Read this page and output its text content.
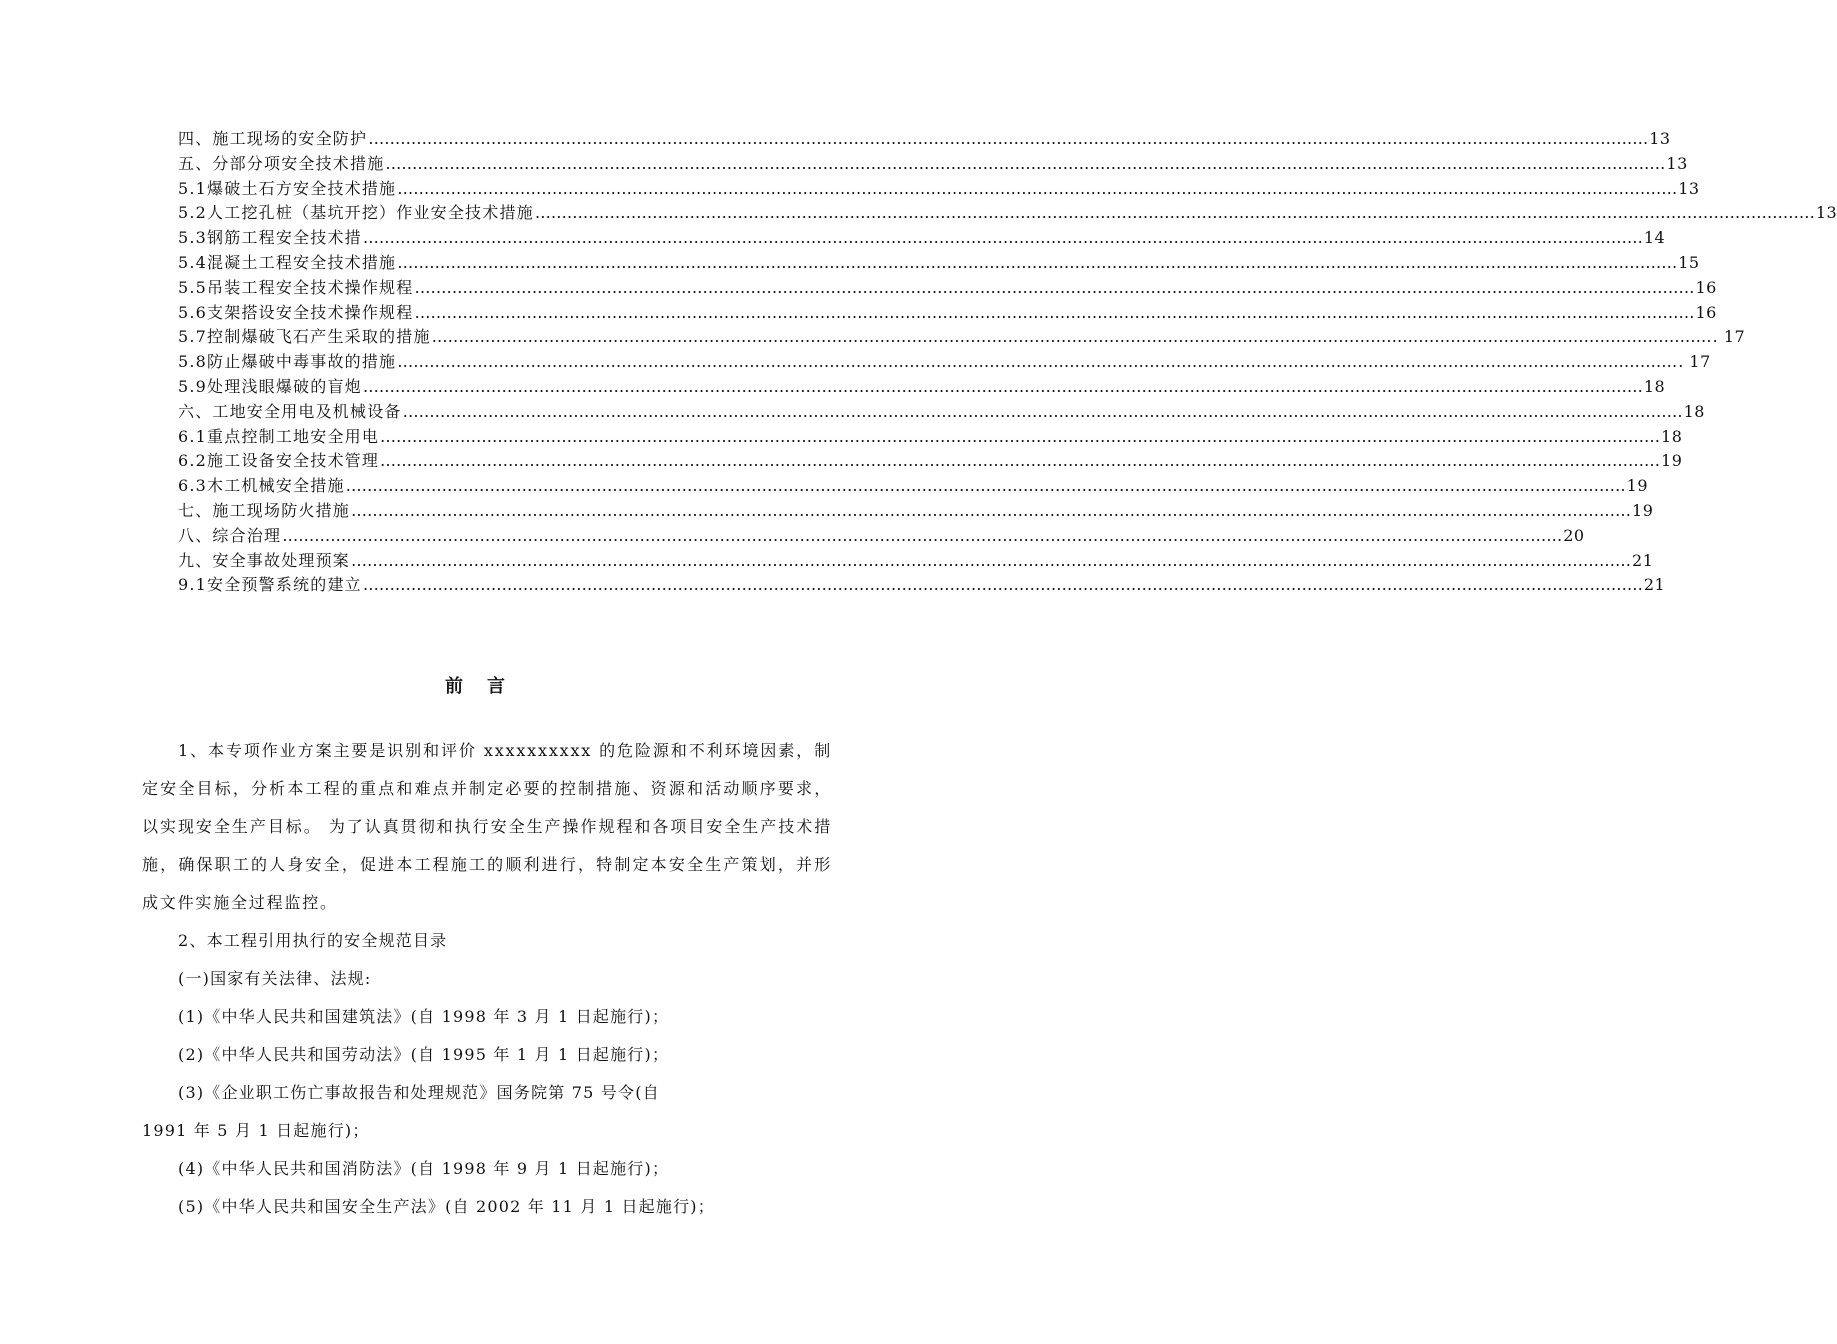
四、施工现场的安全防护 …………………………………………………………………………………………………………………………………………………………………………………………………………………… 13
五、分部分项安全技术措施 …………………………………………………………………………………………………………………………………………………………………………………………………………………… 13
5.1爆破土石方安全技术措施 …………………………………………………………………………………………………………………………………………………………………………………………………………………… 13
5.2人工挖孔桩（基坑开挖）作业安全技术措施 …………………………………………………………………………………………………………………………………………………………………………………………………………………… 13
5.3钢筋工程安全技术措 …………………………………………………………………………………………………………………………………………………………………………………………………………………… 14
5.4混凝土工程安全技术措施 …………………………………………………………………………………………………………………………………………………………………………………………………………………… 15
5.5吊装工程安全技术操作规程 …………………………………………………………………………………………………………………………………………………………………………………………………………………… 16
5.6支架搭设安全技术操作规程 …………………………………………………………………………………………………………………………………………………………………………………………………………………… 16
5.7控制爆破飞石产生采取的措施 …………………………………………………………………………………………………………………………………………………………………………………………………………………… . 17
5.8防止爆破中毒事故的措施 …………………………………………………………………………………………………………………………………………………………………………………………………………………… . 17
5.9处理浅眼爆破的盲炮 …………………………………………………………………………………………………………………………………………………………………………………………………………………… 18
六、工地安全用电及机械设备 …………………………………………………………………………………………………………………………………………………………………………………………………………………… 18
6.1重点控制工地安全用电 …………………………………………………………………………………………………………………………………………………………………………………………………………………… 18
6.2施工设备安全技术管理 …………………………………………………………………………………………………………………………………………………………………………………………………………………… 19
6.3木工机械安全措施 …………………………………………………………………………………………………………………………………………………………………………………………………………………… 19
七、施工现场防火措施 …………………………………………………………………………………………………………………………………………………………………………………………………………………… 19
八、综合治理 …………………………………………………………………………………………………………………………………………………………………………………………………………………… 20
九、安全事故处理预案 …………………………………………………………………………………………………………………………………………………………………………………………………………………… 21
9.1安全预警系统的建立 …………………………………………………………………………………………………………………………………………………………………………………………………………………… 21
前言

1、本专项作业方案主要是识别和评价 xxxxxxxxxx 的危险源和不利环境因素，制定安全目标，分析本工程的重点和难点并制定必要的控制措施、资源和活动顺序要求，以实现安全生产目标。 为了认真贯彻和执行安全生产操作规程和各项目安全生产技术措施，确保职工的人身安全，促进本工程施工的顺利进行，特制定本安全生产策划，并形成文件实施全过程监控。

2、本工程引用执行的安全规范目录

(一)国家有关法律、法规:

(1)《中华人民共和国建筑法》(自 1998 年 3 月 1 日起施行)；

(2)《中华人民共和国劳动法》(自 1995 年 1 月 1 日起施行)；

(3)《企业职工伤亡事故报告和处理规范》国务院第 75 号令(自

1991 年 5 月 1 日起施行)；

(4)《中华人民共和国消防法》(自 1998 年 9 月 1 日起施行)；

(5)《中华人民共和国安全生产法》(自 2002 年 11 月 1 日起施行)；
